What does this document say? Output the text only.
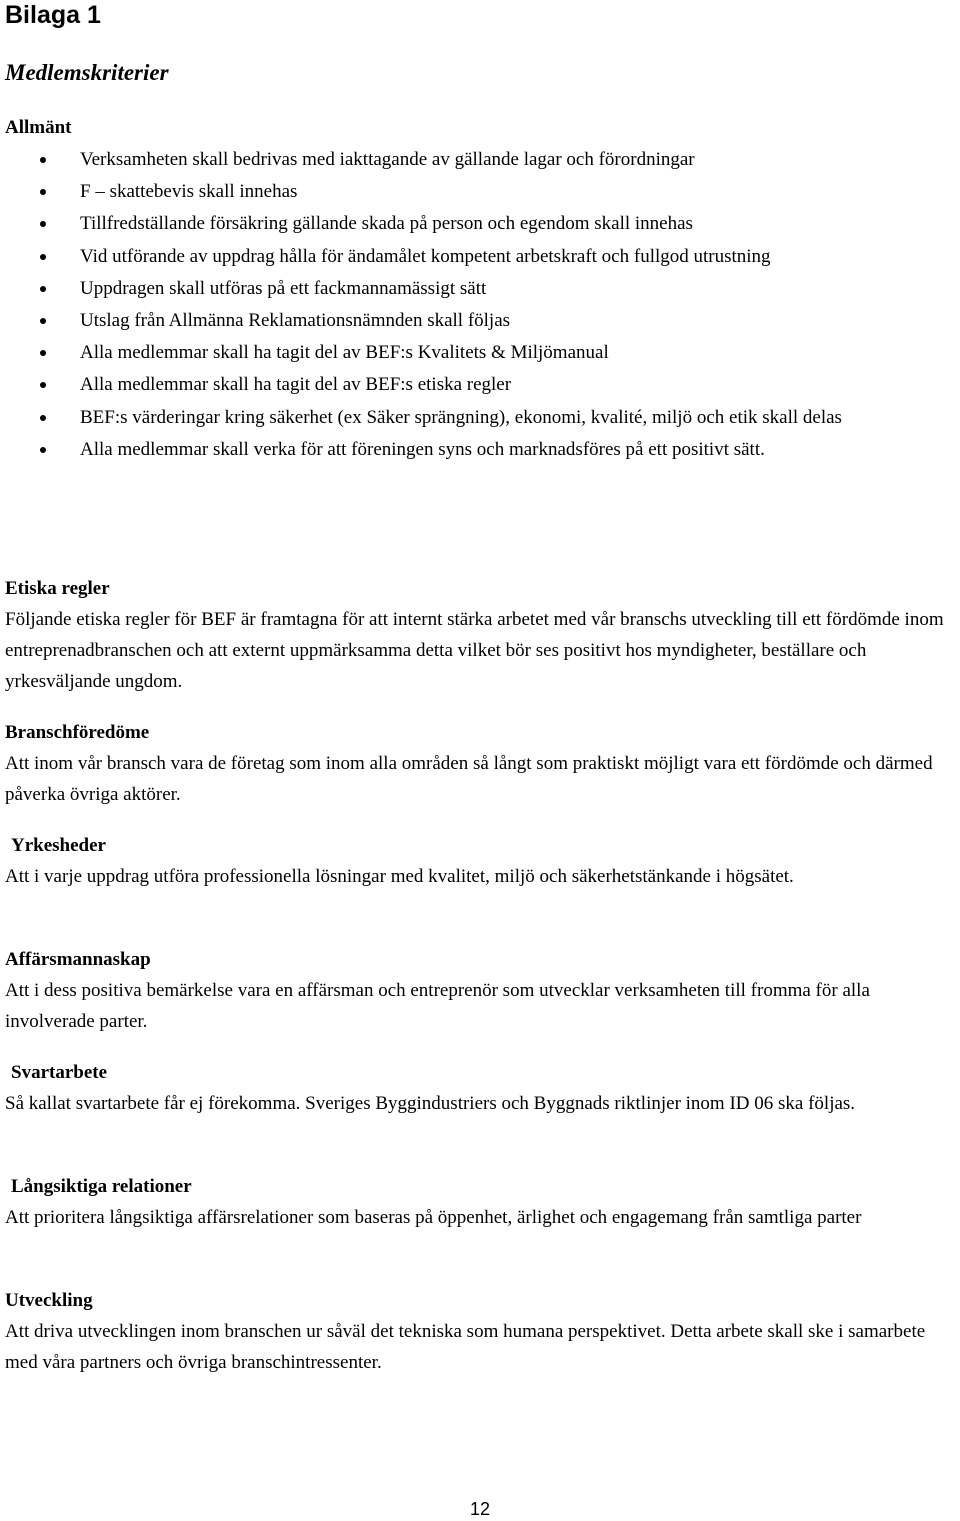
Bilaga 1
Medlemskriterier
Allmänt
Verksamheten skall bedrivas med iakttagande av gällande lagar och förordningar
F – skattebevis skall innehas
Tillfredställande försäkring gällande skada på person och egendom skall innehas
Vid utförande av uppdrag hålla för ändamålet kompetent arbetskraft och fullgod utrustning
Uppdragen skall utföras på ett fackmannamässigt sätt
Utslag från Allmänna Reklamationsnämnden skall följas
Alla medlemmar skall ha tagit del av BEF:s Kvalitets & Miljömanual
Alla medlemmar skall ha tagit del av BEF:s etiska regler
BEF:s värderingar kring säkerhet (ex Säker sprängning), ekonomi, kvalité, miljö och etik skall delas
Alla medlemmar skall verka för att föreningen syns och marknadsföres på ett positivt sätt.
Etiska regler

Följande etiska regler för BEF är framtagna för att internt stärka arbetet med vår branschs utveckling till ett fördömde inom entreprenadbranschen och att externt uppmärksamma detta vilket bör ses positivt hos myndigheter, beställare och yrkesväljande ungdom.

Branschföredöme

Att inom vår bransch vara de företag som inom alla områden så långt som praktiskt möjligt vara ett fördömde och därmed påverka övriga aktörer.

Yrkesheder

Att i varje uppdrag utföra professionella lösningar med kvalitet, miljö och säkerhetstänkande i högsätet.

Affärsmannaskap

Att i dess positiva bemärkelse vara en affärsman och entreprenör som utvecklar verksamheten till fromma för alla involverade parter.

Svartarbete

Så kallat svartarbete får ej förekomma. Sveriges Byggindustriers och Byggnads riktlinjer inom ID 06 ska följas.

Långsiktiga relationer

Att prioritera långsiktiga affärsrelationer som baseras på öppenhet, ärlighet och engagemang från samtliga parter

Utveckling

Att driva utvecklingen inom branschen ur såväl det tekniska som humana perspektivet. Detta arbete skall ske i samarbete med våra partners och övriga branschintressenter.

12
